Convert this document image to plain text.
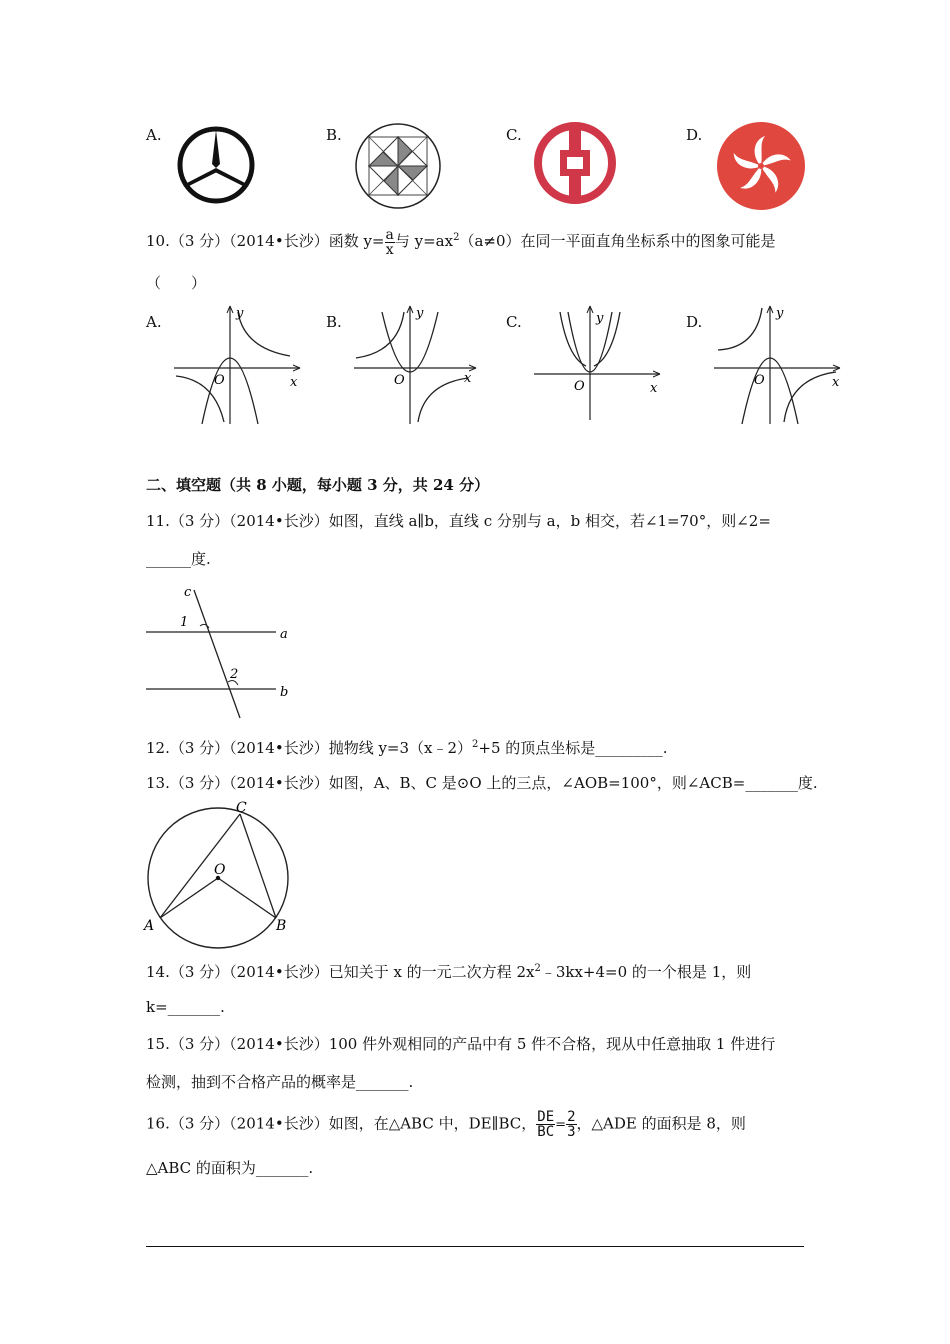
A.	B.	C.	D.
10.（3 分）（2014•长沙）函数 $y= \frac{a}{x}$ 与 $y=ax^2(a\ne 0)$在同一平面直角坐标系中的图象可能是
（　　）
A.	B.	C.	D.
y
x
O
y
x
O
y
x
O
y
x
O
二、填空题（共 8 小题，每小题 3 分，共 24 分）
11.（3 分）（2014•长沙）如图，直线 a∥b，直线 c 分别与 a，b 相交，若∠1=70°，则∠2=
______度.
c
1
a
2
b
12.（3 分）（2014•长沙）抛物线 y=3（x﹣2）$^2$+5 的顶点坐标是_________.
13.（3 分）（2014•长沙）如图，A、B、C 是⊙O 上的三点，∠AOB=100°，则∠ACB=_______度.
C
O
A	B
14.（3 分）（2014•长沙）已知关于 x 的一元二次方程 $2x^2﹣3kx+4=0$ 的一个根是 1，则
k=_______.
15.（3 分）（2014•长沙）100 件外观相同的产品中有 5 件不合格，现从中任意抽取 1 件进行
检测，抽到不合格产品的概率是_______.
16.（3 分）（2014•长沙）如图，在△ABC 中，DE∥BC， $\frac{DE}{BC} = \frac{2}{3}$ ，△ADE 的面积是 8，则
△ABC 的面积为_______.
